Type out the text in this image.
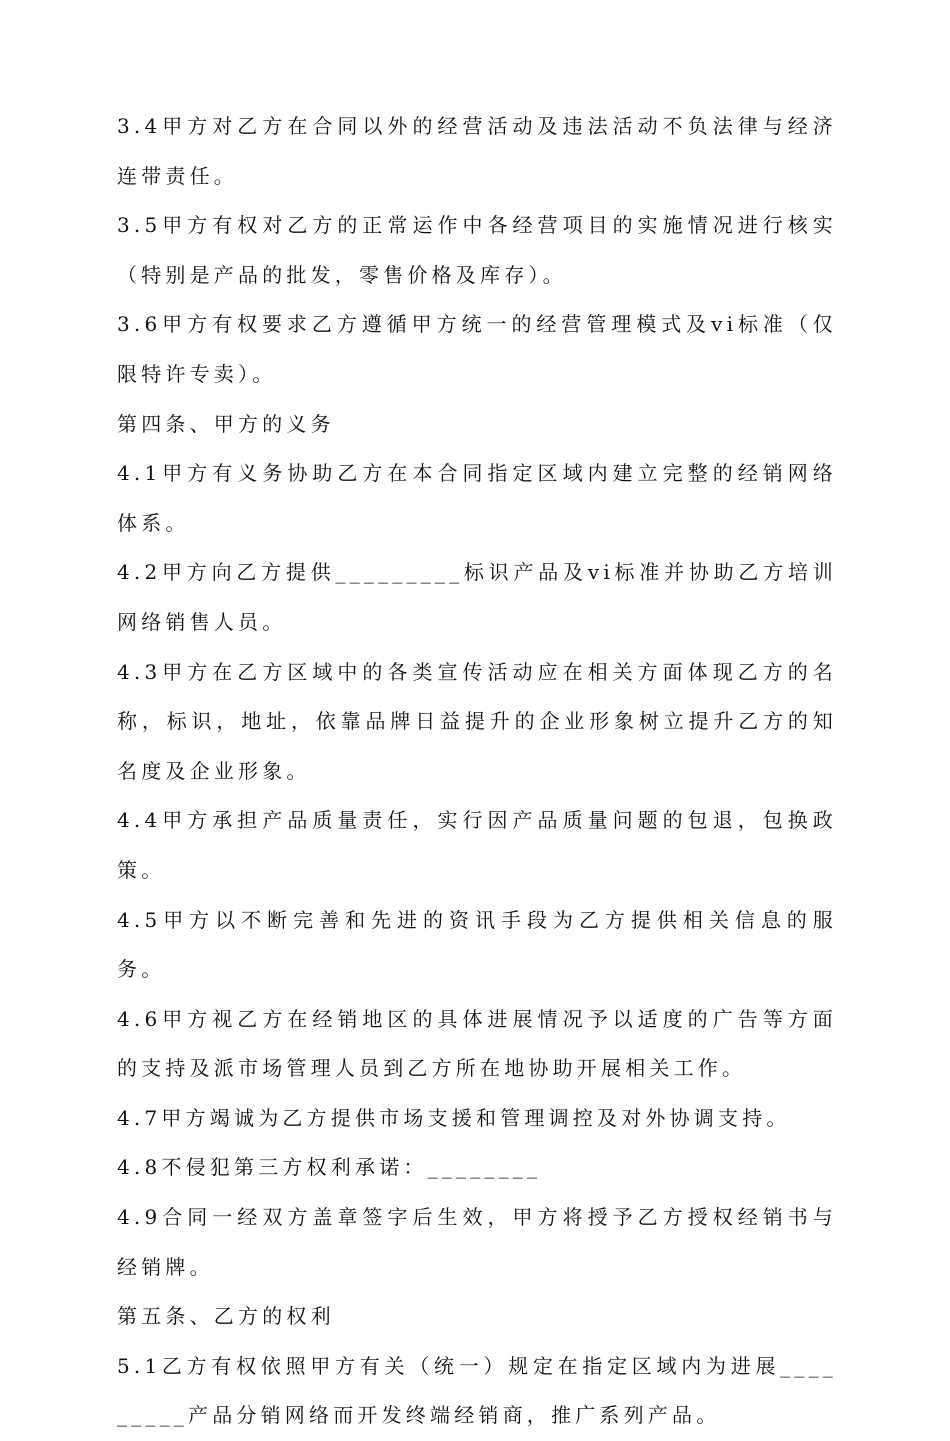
3.4甲方对乙方在合同以外的经营活动及违法活动不负法律与经济连带责任。

3.5甲方有权对乙方的正常运作中各经营项目的实施情况进行核实（特别是产品的批发，零售价格及库存）。

3.6甲方有权要求乙方遵循甲方统一的经营管理模式及vi标准（仅限特许专卖）。

第四条、甲方的义务

4.1甲方有义务协助乙方在本合同指定区域内建立完整的经销网络体系。

4.2甲方向乙方提供_________标识产品及vi标准并协助乙方培训网络销售人员。

4.3甲方在乙方区域中的各类宣传活动应在相关方面体现乙方的名称，标识，地址，依靠品牌日益提升的企业形象树立提升乙方的知名度及企业形象。

4.4甲方承担产品质量责任，实行因产品质量问题的包退，包换政策。

4.5甲方以不断完善和先进的资讯手段为乙方提供相关信息的服务。

4.6甲方视乙方在经销地区的具体进展情况予以适度的广告等方面的支持及派市场管理人员到乙方所在地协助开展相关工作。

4.7甲方竭诚为乙方提供市场支援和管理调控及对外协调支持。

4.8不侵犯第三方权利承诺：________

4.9合同一经双方盖章签字后生效，甲方将授予乙方授权经销书与经销牌。

第五条、乙方的权利

5.1乙方有权依照甲方有关（统一）规定在指定区域内为进展_________产品分销网络而开发终端经销商，推广系列产品。
